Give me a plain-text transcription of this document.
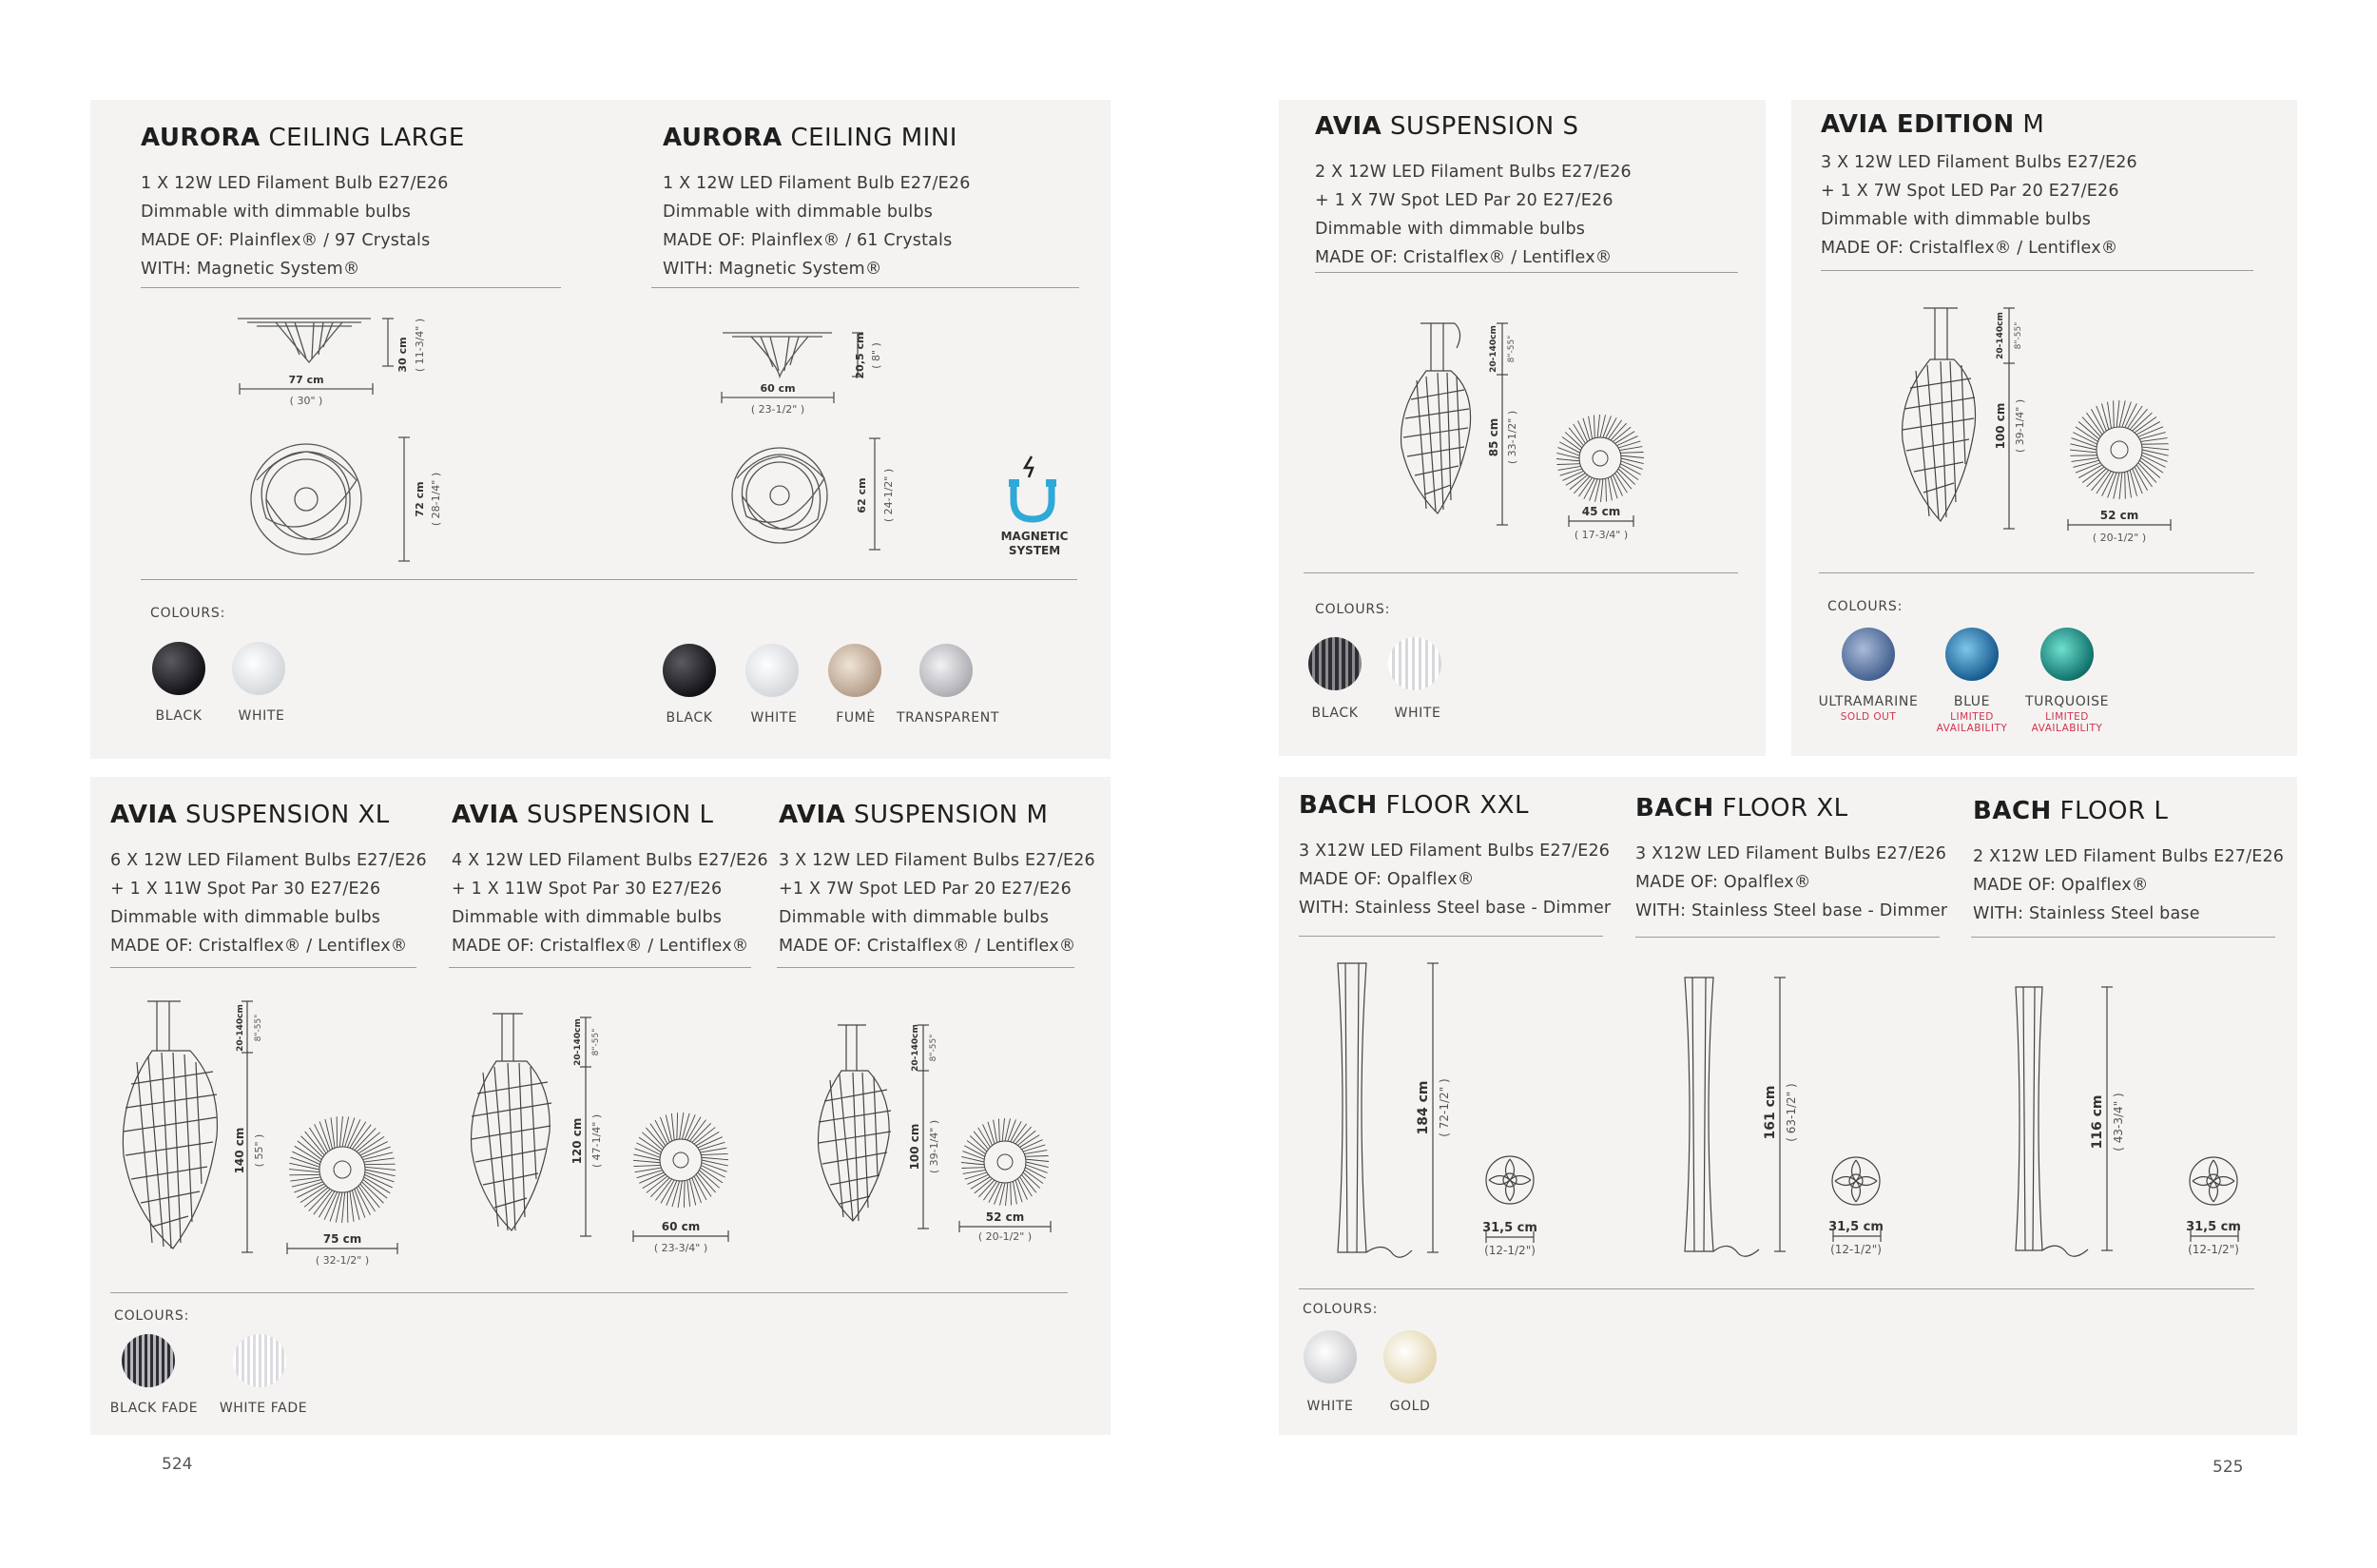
AURORA CEILING LARGE
1 X 12W LED Filament Bulb E27/E26
Dimmable with dimmable bulbs
MADE OF: Plainflex® / 97 Crystals
WITH: Magnetic System®
AURORA CEILING MINI
1 X 12W LED Filament Bulb E27/E26
Dimmable with dimmable bulbs
MADE OF: Plainflex® / 61 Crystals
WITH: Magnetic System®
77 cm
( 30" )
30 cm ( 11-3/4" )
72 cm ( 28-1/4" )
60 cm
( 23-1/2" )
20,5 cm ( 8" )
62 cm ( 24-1/2" )
MAGNETIC
SYSTEM
COLOURS:
BLACK	WHITE	BLACK	WHITE	FUMÈ	TRANSPARENT
AVIA SUSPENSION S
2 X 12W LED Filament Bulbs E27/E26
+ 1 X 7W Spot LED Par 20 E27/E26
Dimmable with dimmable bulbs
MADE OF: Cristalflex® / Lentiflex®
20-140cm 8"-55"
85 cm ( 33-1/2" )
45 cm
( 17-3/4" )
COLOURS:
BLACK	WHITE
AVIA EDITION M
3 X 12W LED Filament Bulbs E27/E26
+ 1 X 7W Spot LED Par 20 E27/E26
Dimmable with dimmable bulbs
MADE OF: Cristalflex® / Lentiflex®
20-140cm 8"-55"
100 cm ( 39-1/4" )
52 cm
( 20-1/2" )
COLOURS:
ULTRAMARINE
SOLD OUT
BLUE
LIMITED
AVAILABILITY
TURQUOISE
LIMITED
AVAILABILITY
AVIA SUSPENSION XL
6 X 12W LED Filament Bulbs E27/E26
+ 1 X 11W Spot Par 30 E27/E26
Dimmable with dimmable bulbs
MADE OF: Cristalflex® / Lentiflex®
AVIA SUSPENSION L
4 X 12W LED Filament Bulbs E27/E26
+ 1 X 11W Spot Par 30 E27/E26
Dimmable with dimmable bulbs
MADE OF: Cristalflex® / Lentiflex®
AVIA SUSPENSION M
3 X 12W LED Filament Bulbs E27/E26
+1 X 7W Spot LED Par 20 E27/E26
Dimmable with dimmable bulbs
MADE OF: Cristalflex® / Lentiflex®
20-140cm 8"-55"
140 cm ( 55" )
75 cm
( 32-1/2" )
20-140cm 8"-55"
120 cm ( 47-1/4" )
60 cm
( 23-3/4" )
20-140cm 8"-55"
100 cm ( 39-1/4" )
52 cm
( 20-1/2" )
COLOURS:
BLACK FADE	WHITE FADE
BACH FLOOR XXL
3 X12W LED Filament Bulbs E27/E26
MADE OF: Opalflex®
WITH: Stainless Steel base - Dimmer
BACH FLOOR XL
3 X12W LED Filament Bulbs E27/E26
MADE OF: Opalflex®
WITH: Stainless Steel base - Dimmer
BACH FLOOR L
2 X12W LED Filament Bulbs E27/E26
MADE OF: Opalflex®
WITH: Stainless Steel base
184 cm ( 72-1/2" )
31,5 cm
(12-1/2")
161 cm ( 63-1/2" )
31,5 cm
(12-1/2")
116 cm ( 43-3/4" )
31,5 cm
(12-1/2")
COLOURS:
WHITE	GOLD
524	525
